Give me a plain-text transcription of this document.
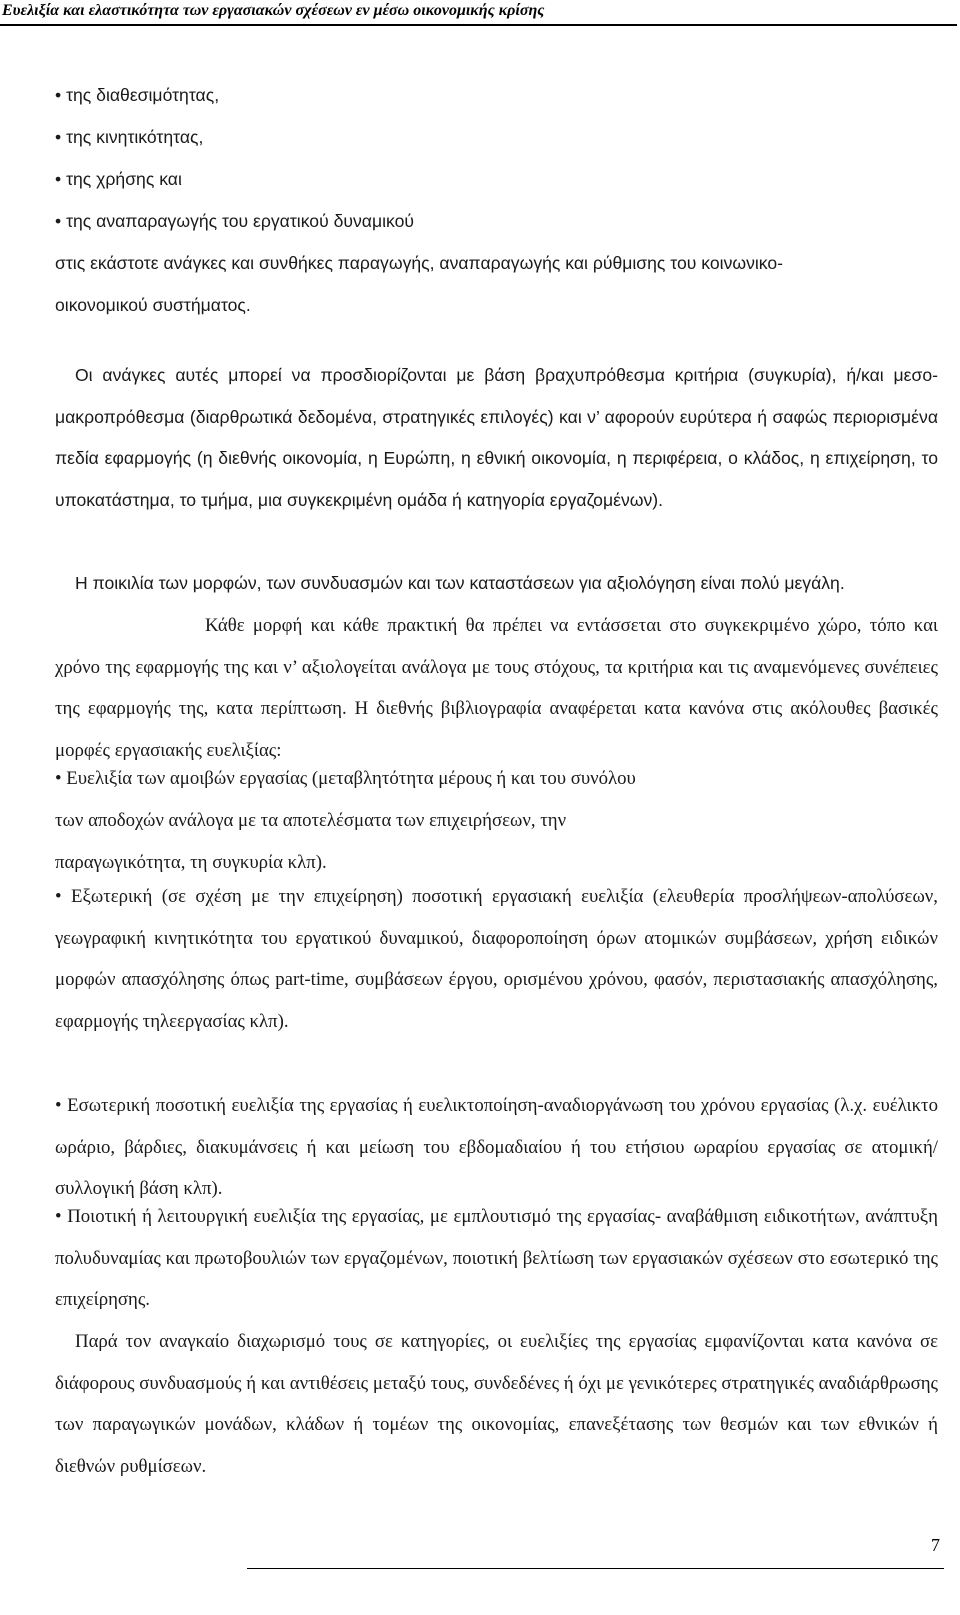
Ευελιξία και ελαστικότητα των εργασιακών σχέσεων εν μέσω οικονομικής κρίσης

• της διαθεσιμότητας,

• της κινητικότητας,

• της χρήσης και

• της αναπαραγωγής του εργατικού δυναμικού

στις εκάστοτε ανάγκες και συνθήκες παραγωγής, αναπαραγωγής και ρύθμισης του κοινωνικο-

οικονομικού συστήματος.

Οι ανάγκες αυτές μπορεί να προσδιορίζονται με βάση βραχυπρόθεσμα κριτήρια (συγκυρία), ή/και μεσο-μακροπρόθεσμα (διαρθρωτικά δεδομένα, στρατηγικές επιλογές) και ν’ αφορούν ευρύτερα ή σαφώς περιορισμένα πεδία εφαρμογής (η διεθνής οικονομία, η Ευρώπη, η εθνική οικονομία, η περιφέρεια, ο κλάδος, η επιχείρηση, το υποκατάστημα, το τμήμα, μια συγκεκριμένη ομάδα ή κατηγορία εργαζομένων).

Η ποικιλία των μορφών, των συνδυασμών και των καταστάσεων για αξιολόγηση είναι πολύ μεγάλη.

Κάθε μορφή και κάθε πρακτική θα πρέπει να εντάσσεται στο συγκεκριμένο χώρο, τόπο και χρόνο της εφαρμογής της και ν’ αξιολογείται ανάλογα με τους στόχους, τα κριτήρια και τις αναμενόμενες συνέπειες της εφαρμογής της, κατα περίπτωση. Η διεθνής βιβλιογραφία αναφέρεται κατα κανόνα στις ακόλουθες βασικές μορφές εργασιακής ευελιξίας:

• Ευελιξία των αμοιβών εργασίας (μεταβλητότητα μέρους ή και του συνόλου

των αποδοχών ανάλογα με τα αποτελέσματα των επιχειρήσεων, την

παραγωγικότητα, τη συγκυρία κλπ).

• Εξωτερική (σε σχέση με την επιχείρηση) ποσοτική εργασιακή ευελιξία (ελευθερία προσλήψεων-απολύσεων, γεωγραφική κινητικότητα του εργατικού δυναμικού, διαφοροποίηση όρων ατομικών συμβάσεων, χρήση ειδικών μορφών απασχόλησης όπως part-time, συμβάσεων έργου, ορισμένου χρόνου, φασόν, περιστασιακής απασχόλησης, εφαρμογής τηλεεργασίας κλπ).

• Εσωτερική ποσοτική ευελιξία της εργασίας ή ευελικτοποίηση-αναδιοργάνωση του χρόνου εργασίας (λ.χ. ευέλικτο ωράριο, βάρδιες, διακυμάνσεις ή και μείωση του εβδομαδιαίου ή του ετήσιου ωραρίου εργασίας σε ατομική/ συλλογική βάση κλπ).

• Ποιοτική ή λειτουργική ευελιξία της εργασίας, με εμπλουτισμό της εργασίας- αναβάθμιση ειδικοτήτων, ανάπτυξη πολυδυναμίας και πρωτοβουλιών των εργαζομένων, ποιοτική βελτίωση των εργασιακών σχέσεων στο εσωτερικό της επιχείρησης.

Παρά τον αναγκαίο διαχωρισμό τους σε κατηγορίες, οι ευελιξίες της εργασίας εμφανίζονται κατα κανόνα σε διάφορους συνδυασμούς ή και αντιθέσεις μεταξύ τους, συνδεδένες ή όχι με γενικότερες στρατηγικές αναδιάρθρωσης των παραγωγικών μονάδων, κλάδων ή τομέων της οικονομίας, επανεξέτασης των θεσμών και των εθνικών ή διεθνών ρυθμίσεων.

7
